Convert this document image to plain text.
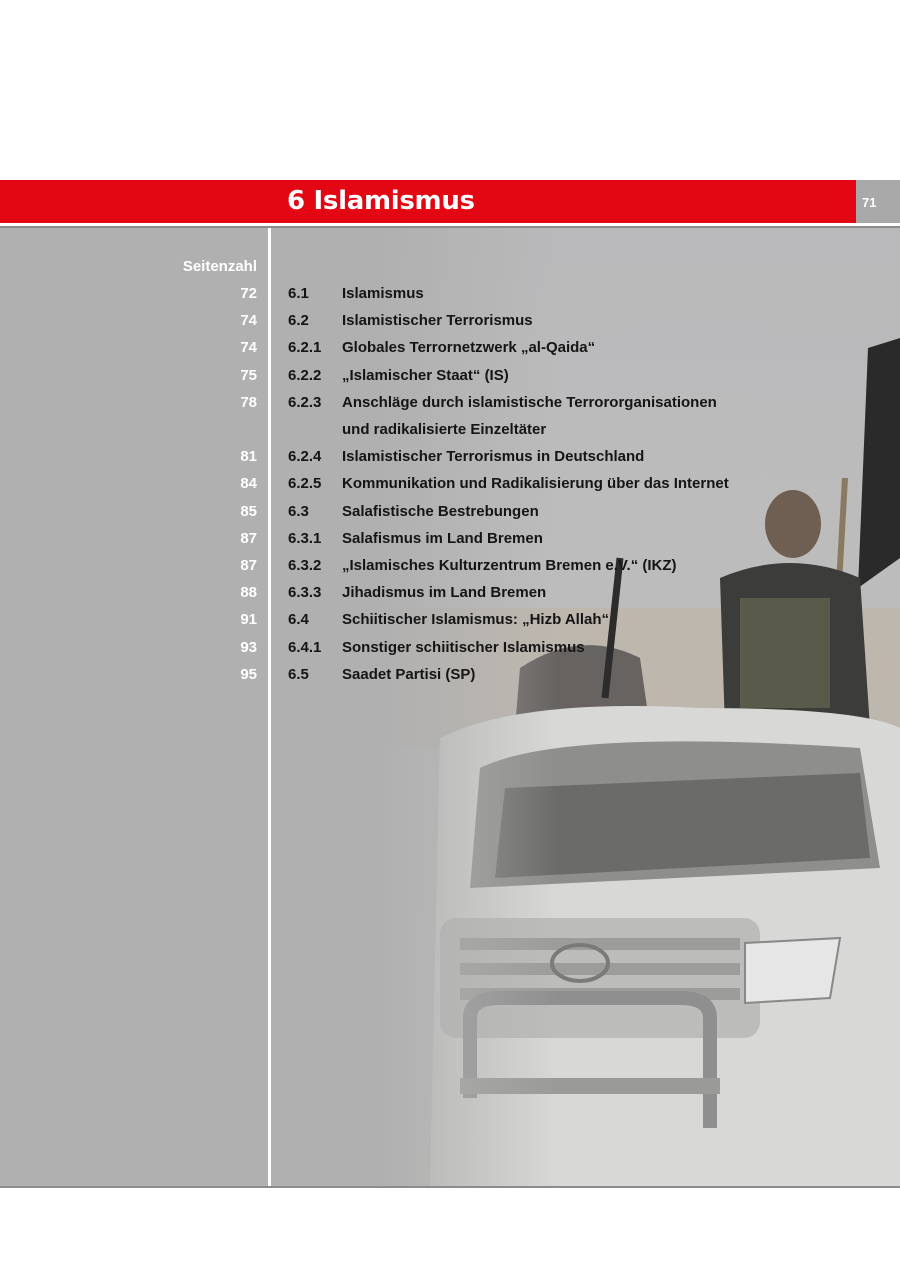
6 Islamismus	71
Seitenzahl
72 6.1 Islamismus
74 6.2 Islamistischer Terrorismus
74 6.2.1 Globales Terrornetzwerk „al-Qaida“
75 6.2.2 „Islamischer Staat“ (IS)
78 6.2.3 Anschläge durch islamistische Terrororganisationen
und radikalisierte Einzeltäter
81 6.2.4 Islamistischer Terrorismus in Deutschland
84 6.2.5 Kommunikation und Radikalisierung über das Internet
85 6.3 Salafistische Bestrebungen
87 6.3.1 Salafismus im Land Bremen
87 6.3.2 „Islamisches Kulturzentrum Bremen e.V.“ (IKZ)
88 6.3.3 Jihadismus im Land Bremen
91 6.4 Schiitischer Islamismus: „Hizb Allah“
93 6.4.1 Sonstiger schiitischer Islamismus
95 6.5 Saadet Partisi (SP)
